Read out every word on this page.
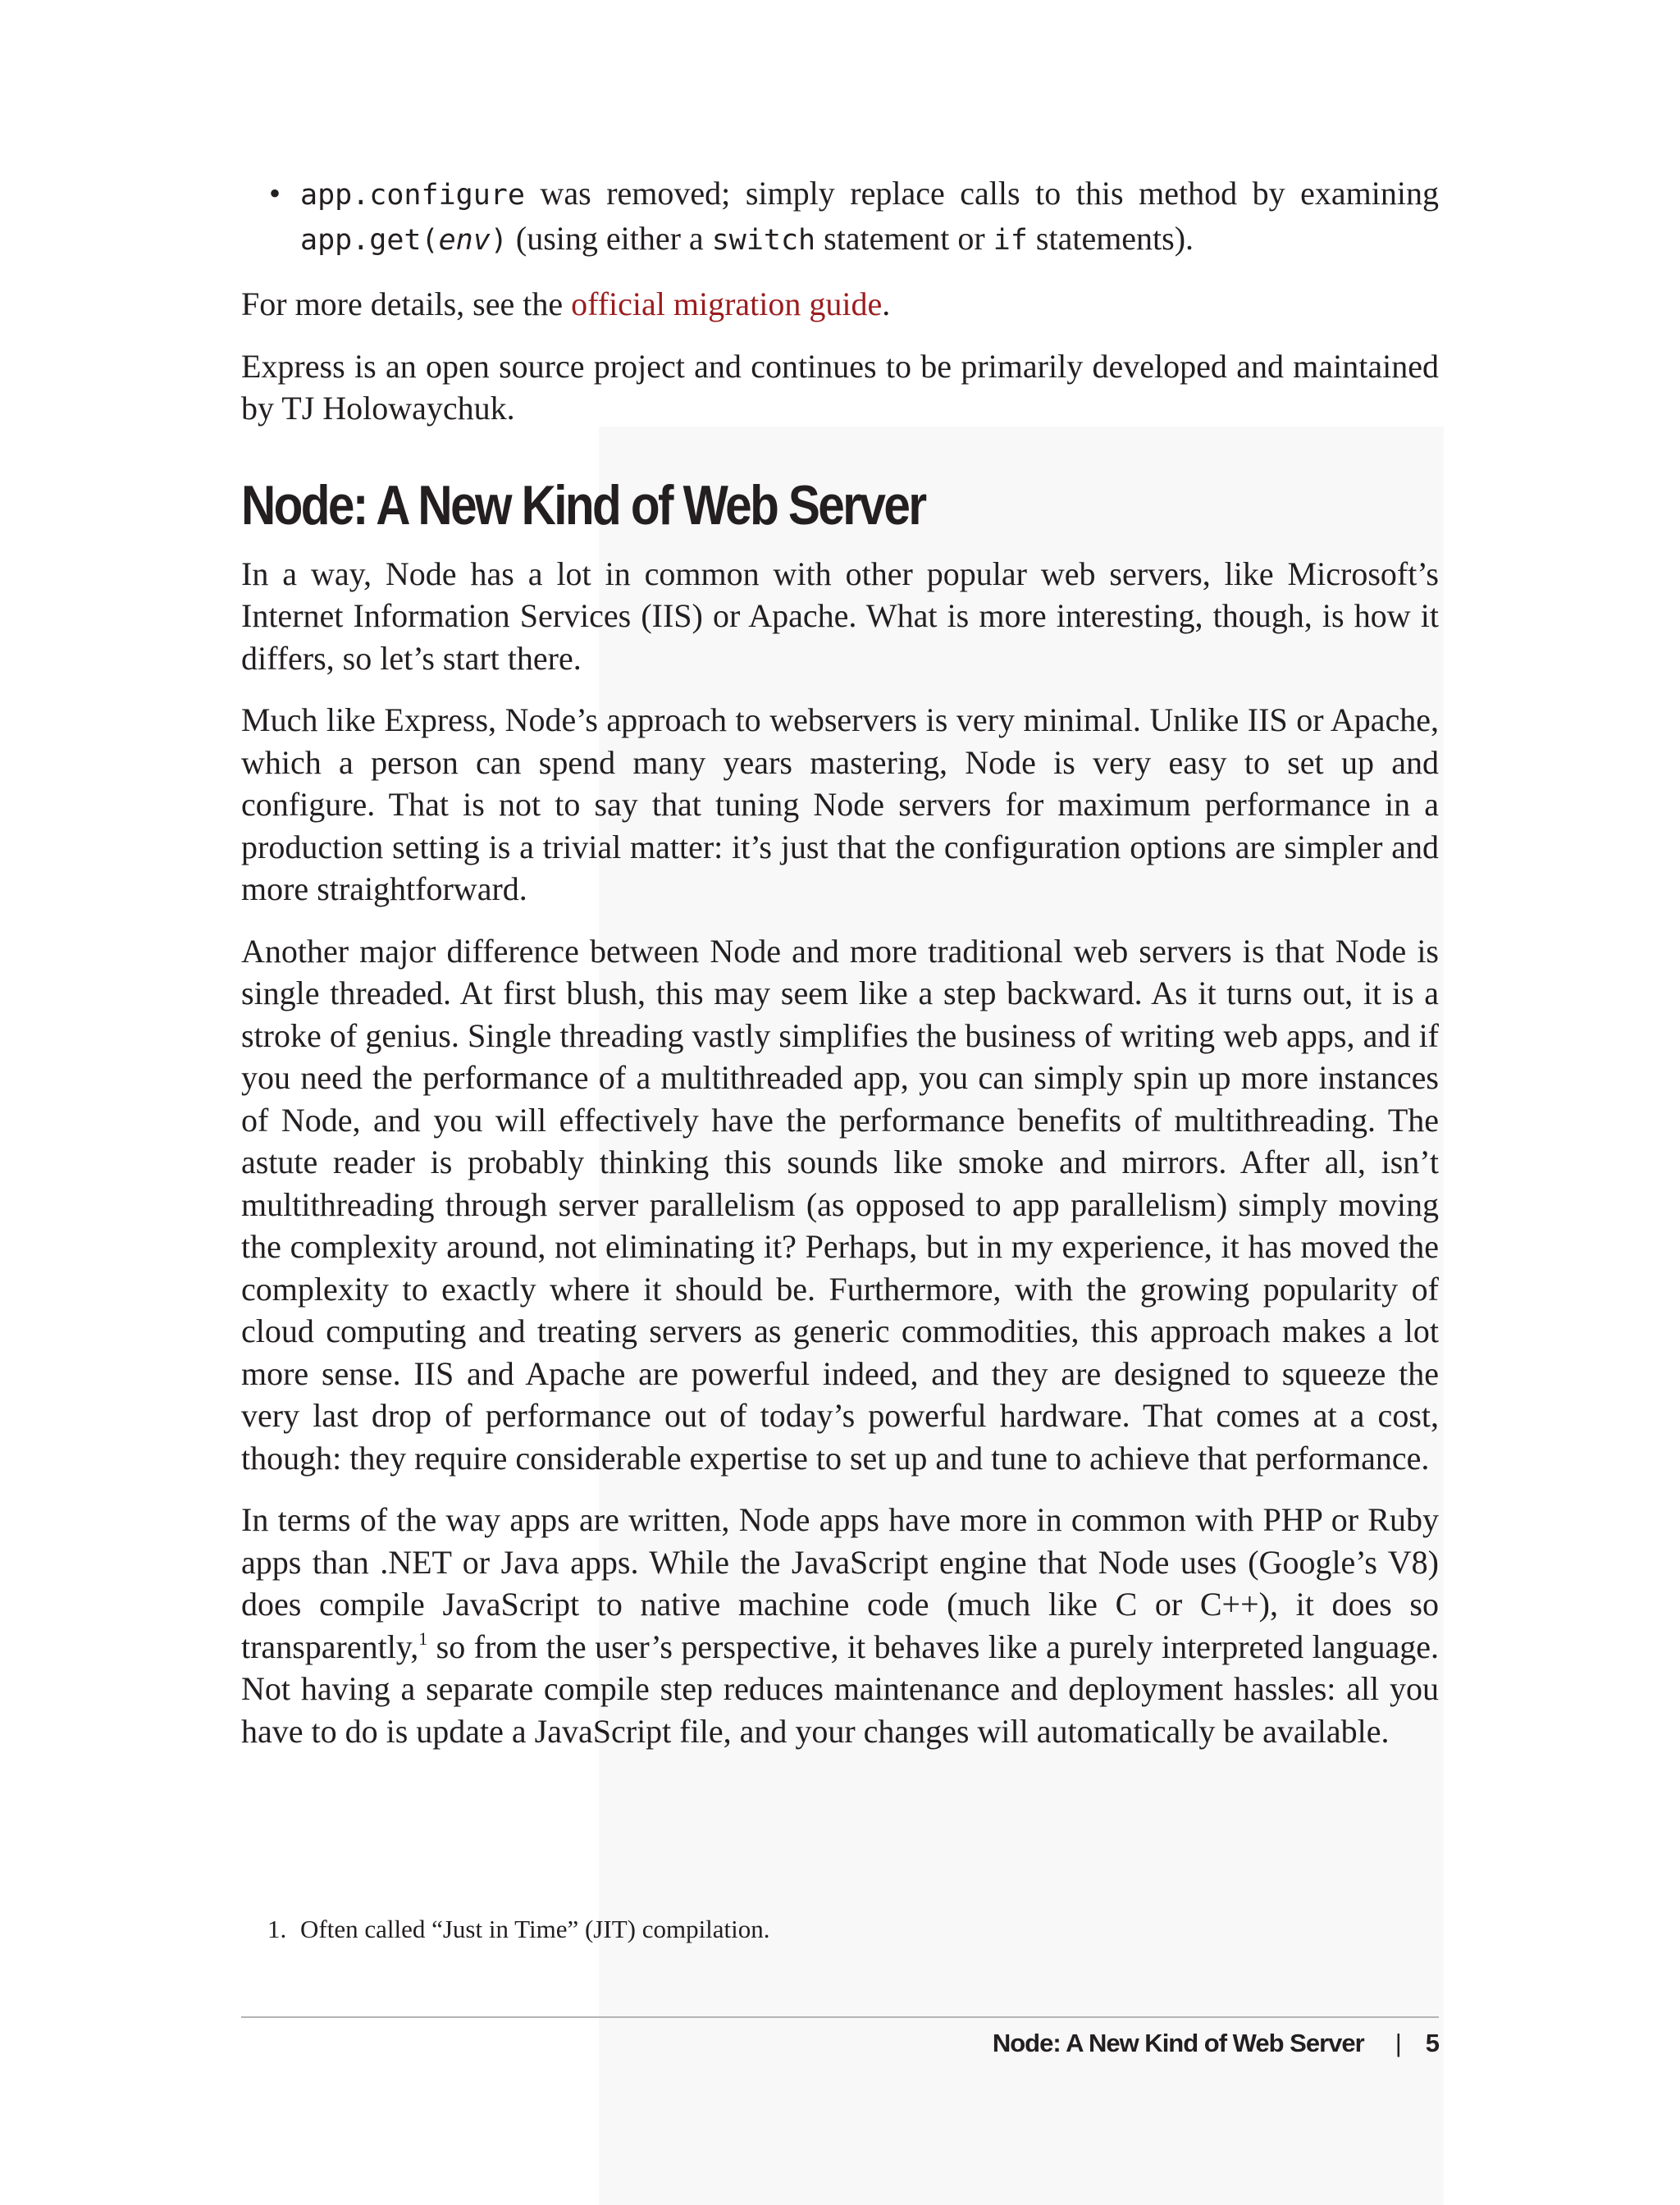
• app.configure was removed; simply replace calls to this method by examining app.get(env) (using either a switch statement or if statements).

For more details, see the official migration guide.

Express is an open source project and continues to be primarily developed and maintained by TJ Holowaychuk.

Node: A New Kind of Web Server

In a way, Node has a lot in common with other popular web servers, like Microsoft’s Internet Information Services (IIS) or Apache. What is more interesting, though, is how it differs, so let’s start there.

Much like Express, Node’s approach to webservers is very minimal. Unlike IIS or Apache, which a person can spend many years mastering, Node is very easy to set up and configure. That is not to say that tuning Node servers for maximum performance in a production setting is a trivial matter: it’s just that the configuration options are simpler and more straightforward.

Another major difference between Node and more traditional web servers is that Node is single threaded. At first blush, this may seem like a step backward. As it turns out, it is a stroke of genius. Single threading vastly simplifies the business of writing web apps, and if you need the performance of a multithreaded app, you can simply spin up more instances of Node, and you will effectively have the performance benefits of multithreading. The astute reader is probably thinking this sounds like smoke and mirrors. After all, isn’t multithreading through server parallelism (as opposed to app parallelism) simply moving the complexity around, not eliminating it? Perhaps, but in my experience, it has moved the complexity to exactly where it should be. Furthermore, with the growing popularity of cloud computing and treating servers as generic commodities, this approach makes a lot more sense. IIS and Apache are powerful indeed, and they are designed to squeeze the very last drop of performance out of today’s powerful hardware. That comes at a cost, though: they require considerable expertise to set up and tune to achieve that performance.

In terms of the way apps are written, Node apps have more in common with PHP or Ruby apps than .NET or Java apps. While the JavaScript engine that Node uses (Google’s V8) does compile JavaScript to native machine code (much like C or C++), it does so transparently,$^1$ so from the user’s perspective, it behaves like a purely interpreted language. Not having a separate compile step reduces maintenance and deployment hassles: all you have to do is update a JavaScript file, and your changes will automatically be available.

1. Often called “Just in Time” (JIT) compilation.

Node: A New Kind of Web Server | 5
